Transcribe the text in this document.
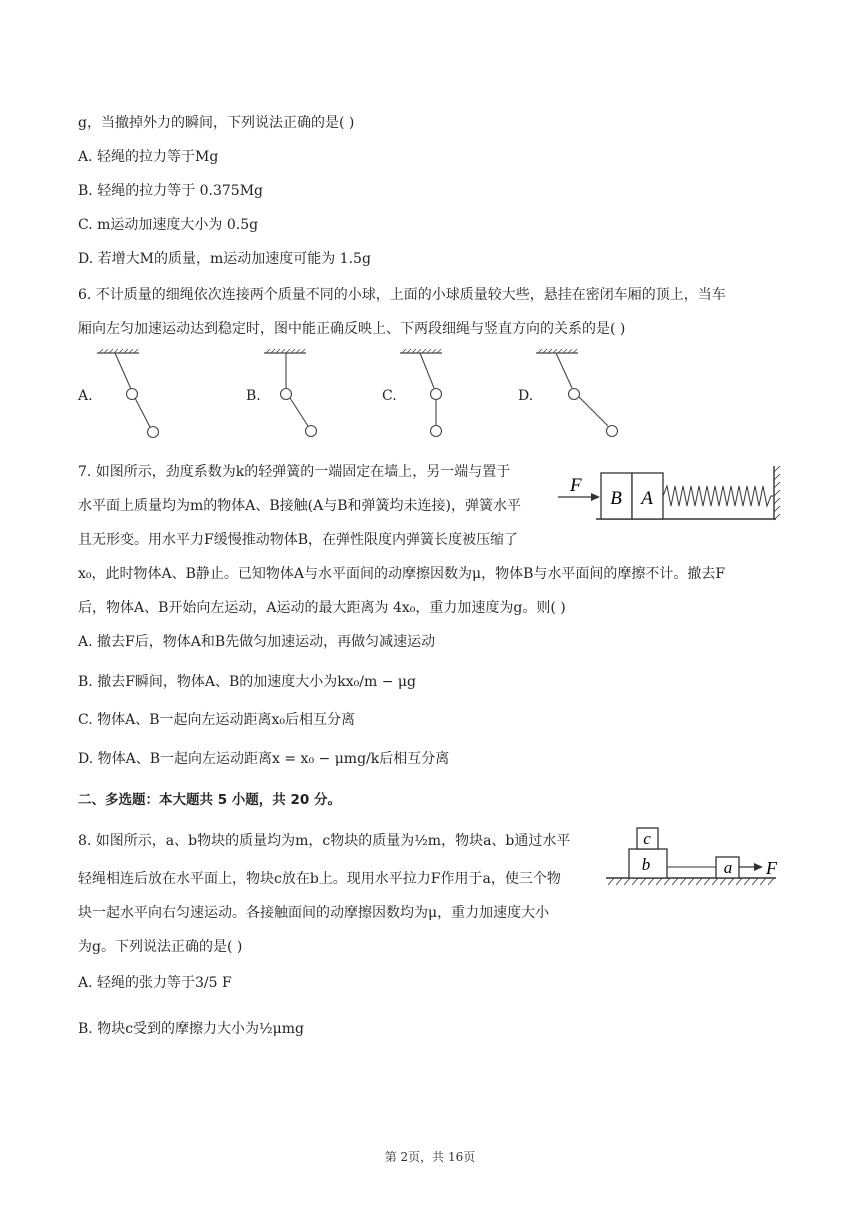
g，当撤掉外力的瞬间，下列说法正确的是( )
A. 轻绳的拉力等于Mg
B. 轻绳的拉力等于 0.375Mg
C. m运动加速度大小为 0.5g
D. 若增大M的质量，m运动加速度可能为 1.5g
6. 不计质量的细绳依次连接两个质量不同的小球，上面的小球质量较大些，悬挂在密闭车厢的顶上，当车
厢向左匀加速运动达到稳定时，图中能正确反映上、下两段细绳与竖直方向的关系的是( )
A.	B.	C.	D.
7. 如图所示，劲度系数为k的轻弹簧的一端固定在墙上，另一端与置于
水平面上质量均为m的物体A、B接触(A与B和弹簧均未连接)，弹簧水平
且无形变。用水平力F缓慢推动物体B，在弹性限度内弹簧长度被压缩了
x₀，此时物体A、B静止。已知物体A与水平面间的动摩擦因数为μ，物体B与水平面间的摩擦不计。撤去F
后，物体A、B开始向左运动，A运动的最大距离为 4x₀，重力加速度为g。则( )
A. 撤去F后，物体A和B先做匀加速运动，再做匀减速运动
B. 撤去F瞬间，物体A、B的加速度大小为kx₀/m − μg
C. 物体A、B一起向左运动距离x₀后相互分离
D. 物体A、B一起向左运动距离x = x₀ − μmg/k后相互分离
B A
F
二、多选题：本大题共 5 小题，共 20 分。
8. 如图所示，a、b物块的质量均为m，c物块的质量为½m，物块a、b通过水平
轻绳相连后放在水平面上，物块c放在b上。现用水平拉力F作用于a，使三个物
块一起水平向右匀速运动。各接触面间的动摩擦因数均为μ，重力加速度大小
为g。下列说法正确的是( )
A. 轻绳的张力等于3/5 F
B. 物块c受到的摩擦力大小为½μmg
c
b	a F
第 2页，共 16页
